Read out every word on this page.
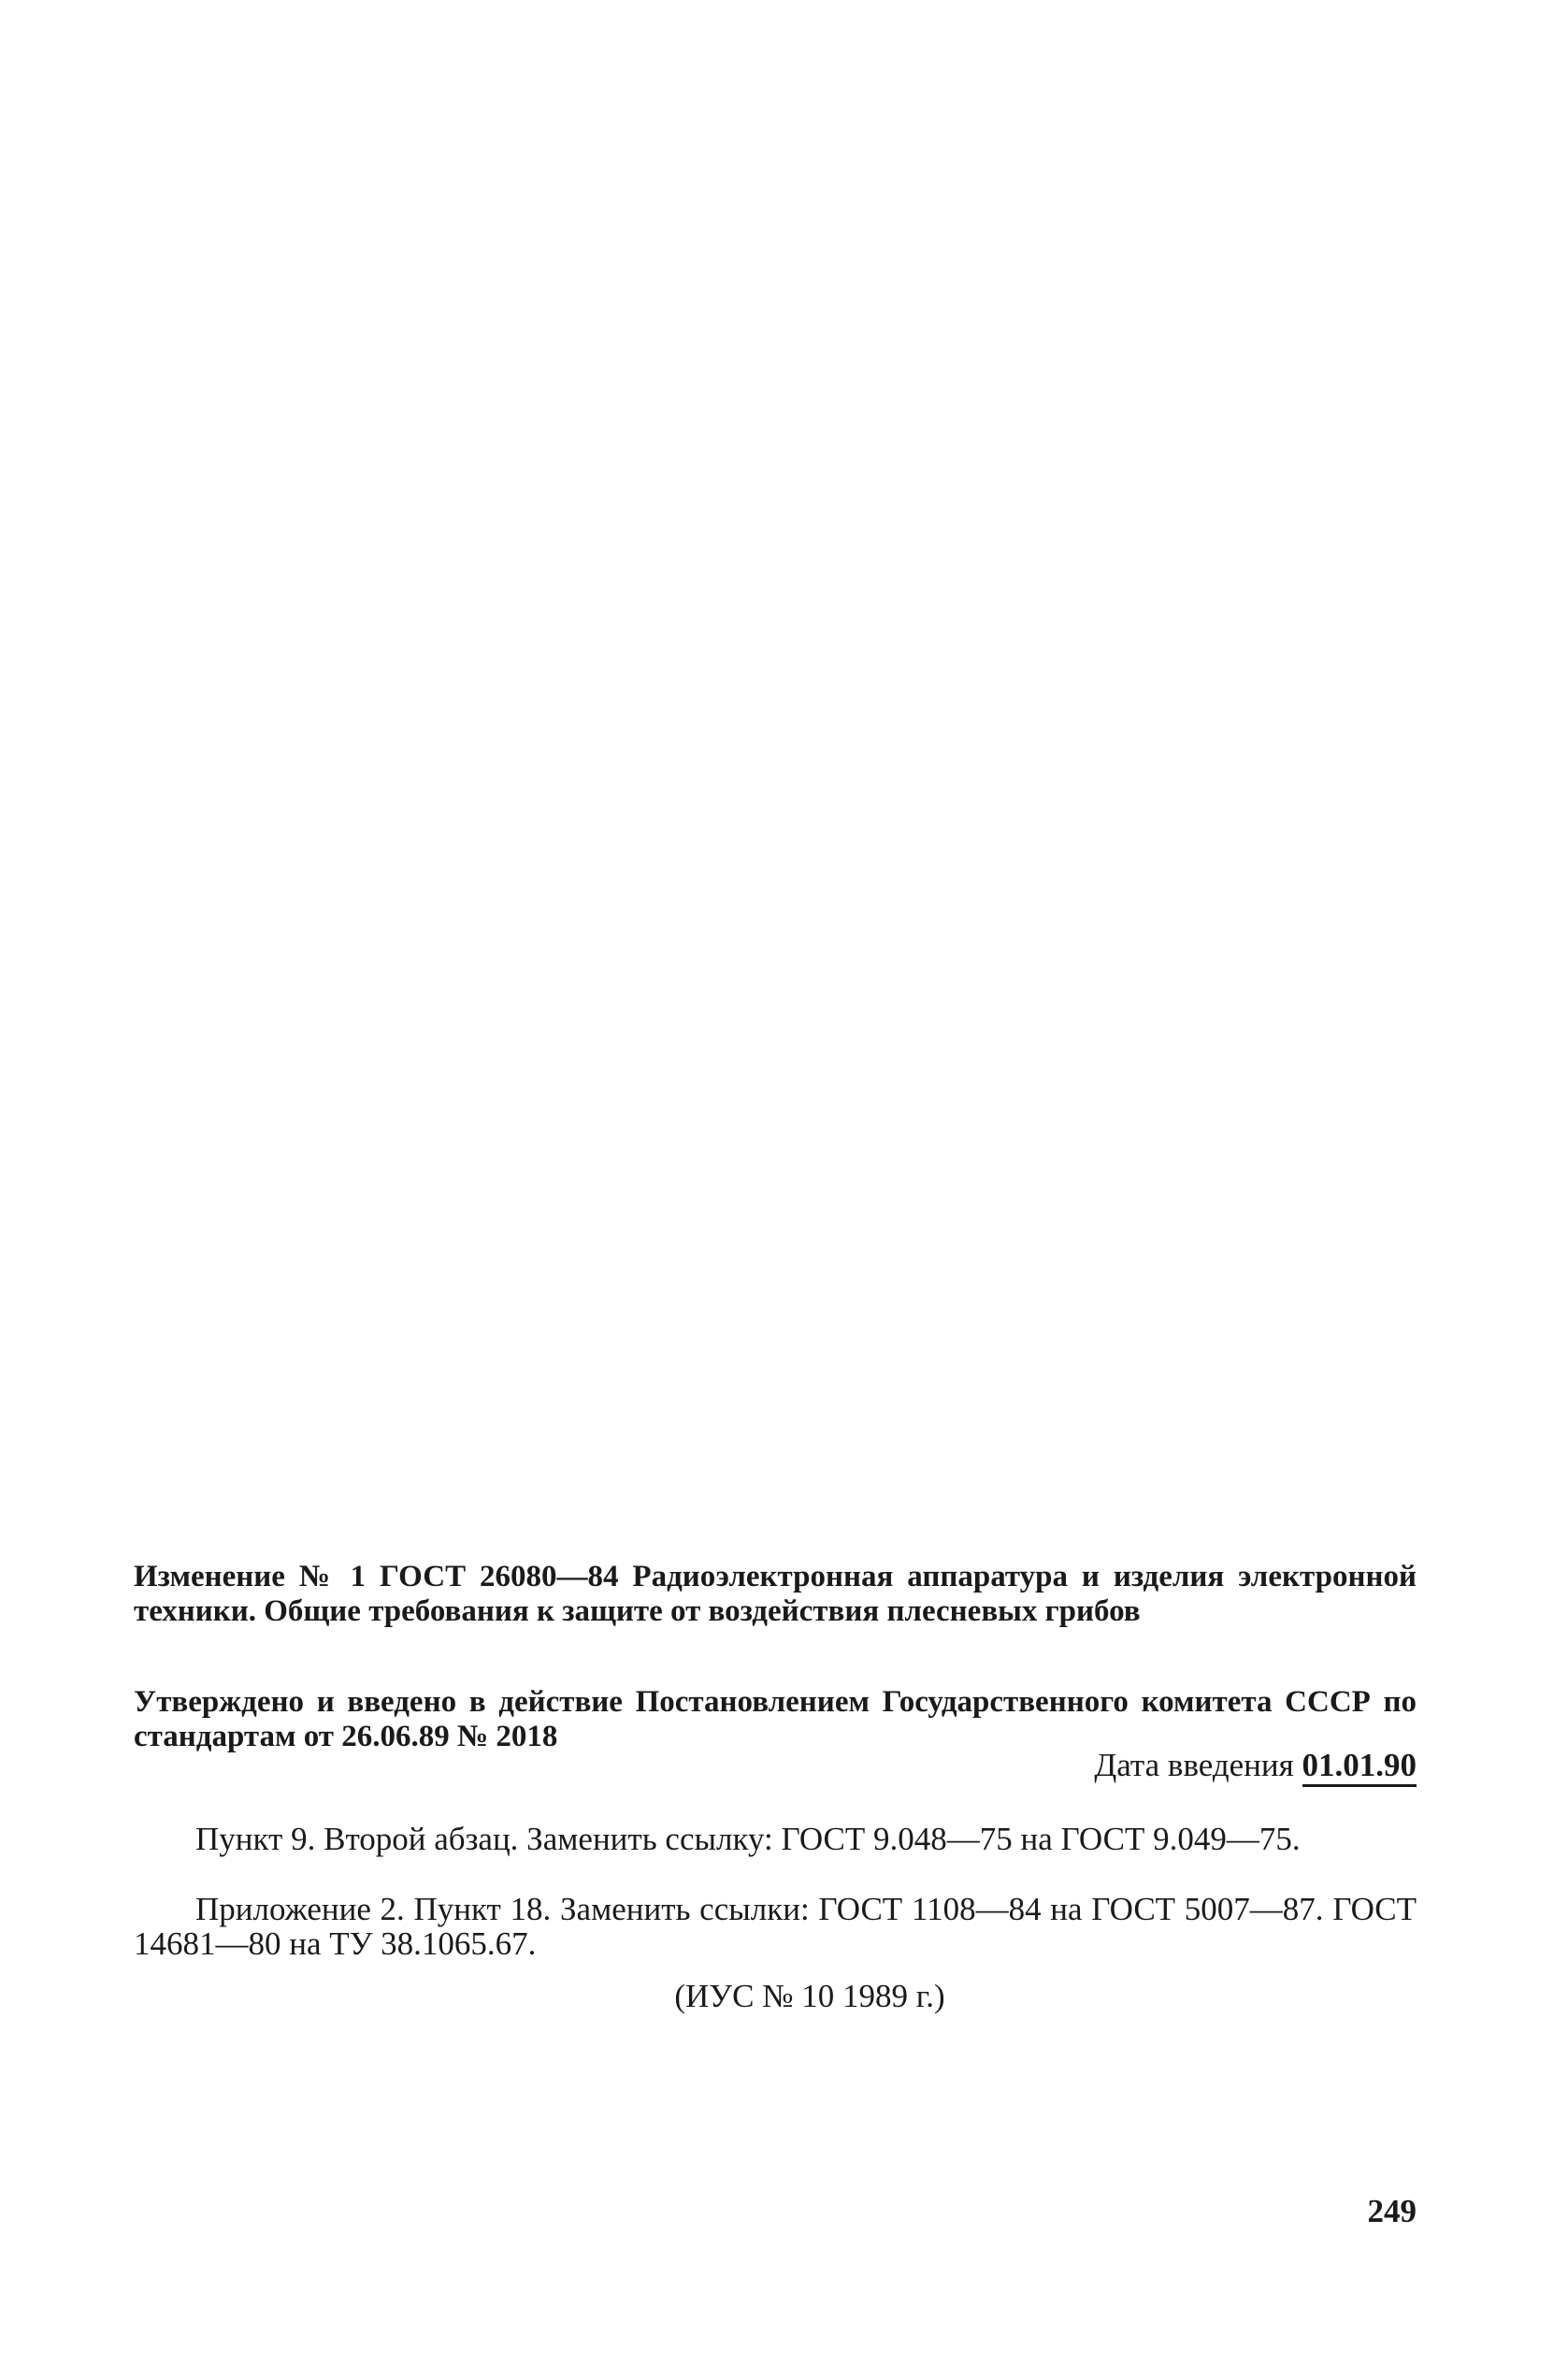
Изменение № 1 ГОСТ 26080—84 Радиоэлектронная аппаратура и изделия электронной техники. Общие требования к защите от воздействия плесневых грибов

Утверждено и введено в действие Постановлением Государственного комитета СССР по стандартам от 26.06.89 № 2018

Дата введения 01.01.90

Пункт 9. Второй абзац. Заменить ссылку: ГОСТ 9.048—75 на ГОСТ 9.049—75.

Приложение 2. Пункт 18. Заменить ссылки: ГОСТ 1108—84 на ГОСТ 5007—87. ГОСТ 14681—80 на ТУ 38.1065.67.

(ИУС № 10 1989 г.)
249
